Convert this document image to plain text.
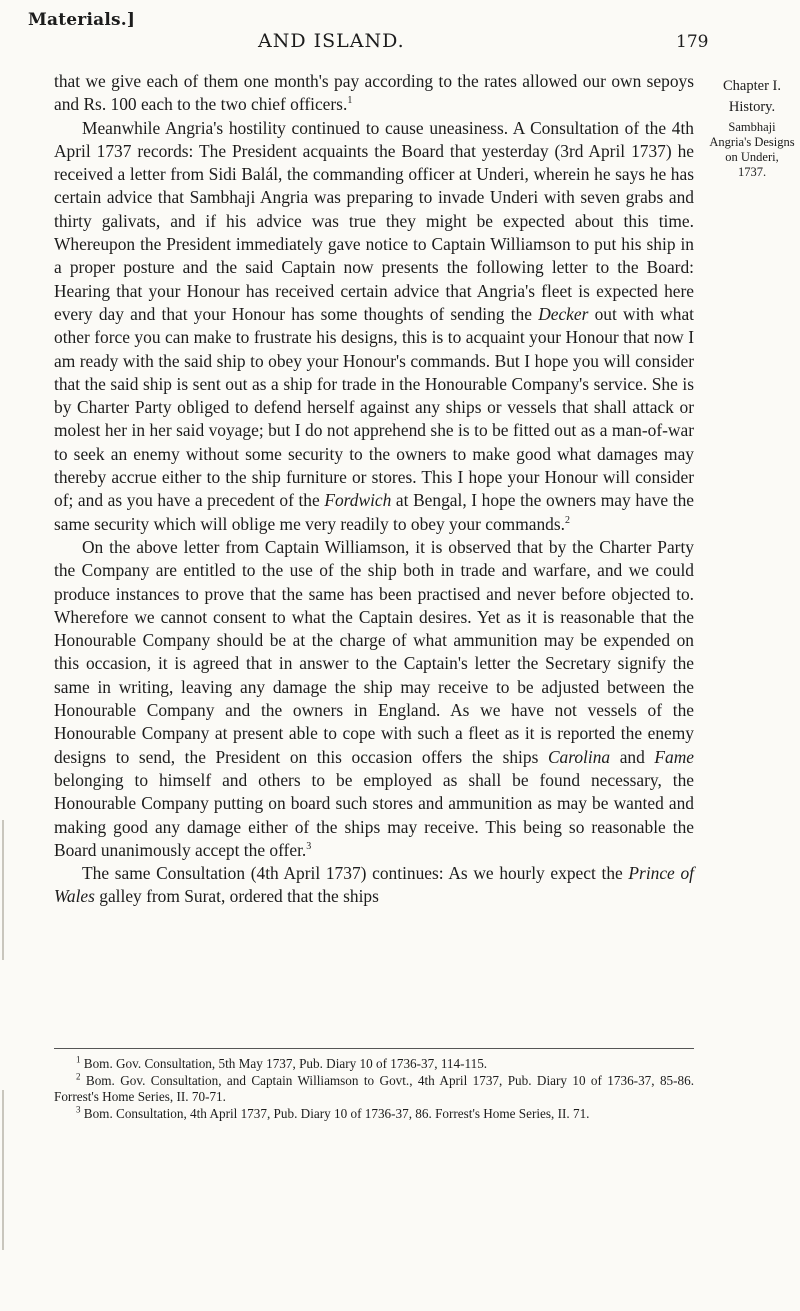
Materials.]
AND ISLAND.	179

that we give each of them one month's pay according to the rates allowed our own sepoys and Rs. 100 each to the two chief officers.$^1$

Meanwhile Angria's hostility continued to cause uneasiness. A Consultation of the 4th April 1737 records: The President acquaints the Board that yesterday (3rd April 1737) he received a letter from Sidi Balál, the commanding officer at Underi, wherein he says he has certain advice that Sambhaji Angria was preparing to invade Underi with seven grabs and thirty galivats, and if his advice was true they might be expected about this time. Whereupon the President immediately gave notice to Captain Williamson to put his ship in a proper posture and the said Captain now presents the following letter to the Board: Hearing that your Honour has received certain advice that Angria's fleet is expected here every day and that your Honour has some thoughts of sending the Decker out with what other force you can make to frustrate his designs, this is to acquaint your Honour that now I am ready with the said ship to obey your Honour's commands. But I hope you will consider that the said ship is sent out as a ship for trade in the Honourable Company's service. She is by Charter Party obliged to defend herself against any ships or vessels that shall attack or molest her in her said voyage; but I do not apprehend she is to be fitted out as a man-of-war to seek an enemy without some security to the owners to make good what damages may thereby accrue either to the ship furniture or stores. This I hope your Honour will consider of; and as you have a precedent of the Fordwich at Bengal, I hope the owners may have the same security which will oblige me very readily to obey your commands.$^2$

On the above letter from Captain Williamson, it is observed that by the Charter Party the Company are entitled to the use of the ship both in trade and warfare, and we could produce instances to prove that the same has been practised and never before objected to. Wherefore we cannot consent to what the Captain desires. Yet as it is reasonable that the Honourable Company should be at the charge of what ammunition may be expended on this occasion, it is agreed that in answer to the Captain's letter the Secretary signify the same in writing, leaving any damage the ship may receive to be adjusted between the Honourable Company and the owners in England. As we have not vessels of the Honourable Company at present able to cope with such a fleet as it is reported the enemy designs to send, the President on this occasion offers the ships Carolina and Fame belonging to himself and others to be employed as shall be found necessary, the Honourable Company putting on board such stores and ammunition as may be wanted and making good any damage either of the ships may receive. This being so reasonable the Board unanimously accept the offer.$^3$

The same Consultation (4th April 1737) continues: As we hourly expect the Prince of Wales galley from Surat, ordered that the ships

$^1$ Bom. Gov. Consultation, 5th May 1737, Pub. Diary 10 of 1736-37, 114-115.

$^2$ Bom. Gov. Consultation, and Captain Williamson to Govt., 4th April 1737, Pub. Diary 10 of 1736-37, 85-86. Forrest's Home Series, II. 70-71.

$^3$ Bom. Consultation, 4th April 1737, Pub. Diary 10 of 1736-37, 86. Forrest's Home Series, II. 71.

Chapter I.
History.
Sambhaji
Angria's Designs
on Underi,
1737.
